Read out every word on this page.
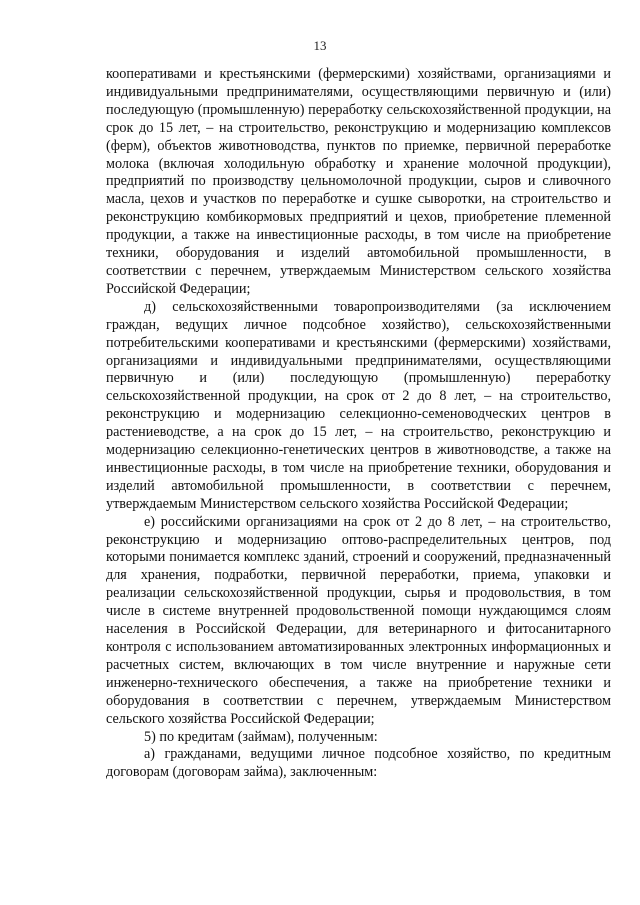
13

кооперативами и крестьянскими (фермерскими) хозяйствами, организациями и индивидуальными предпринимателями, осуществляющими первичную и (или) последующую (промышленную) переработку сельскохозяйственной продукции, на срок до 15 лет, – на строительство, реконструкцию и модернизацию комплексов (ферм), объектов животноводства, пунктов по приемке, первичной переработке молока (включая холодильную обработку и хранение молочной продукции), предприятий по производству цельномолочной продукции, сыров и сливочного масла, цехов и участков по переработке и сушке сыворотки, на строительство и реконструкцию комбикормовых предприятий и цехов, приобретение племенной продукции, а также на инвестиционные расходы, в том числе на приобретение техники, оборудования и изделий автомобильной промышленности, в соответствии с перечнем, утверждаемым Министерством сельского хозяйства Российской Федерации;

д) сельскохозяйственными товаропроизводителями (за исключением граждан, ведущих личное подсобное хозяйство), сельскохозяйственными потребительскими кооперативами и крестьянскими (фермерскими) хозяйствами, организациями и индивидуальными предпринимателями, осуществляющими первичную и (или) последующую (промышленную) переработку сельскохозяйственной продукции, на срок от 2 до 8 лет, – на строительство, реконструкцию и модернизацию селекционно-семеноводческих центров в растениеводстве, а на срок до 15 лет, – на строительство, реконструкцию и модернизацию селекционно-генетических центров в животноводстве, а также на инвестиционные расходы, в том числе на приобретение техники, оборудования и изделий автомобильной промышленности, в соответствии с перечнем, утверждаемым Министерством сельского хозяйства Российской Федерации;

е) российскими организациями на срок от 2 до 8 лет, – на строительство, реконструкцию и модернизацию оптово-распределительных центров, под которыми понимается комплекс зданий, строений и сооружений, предназначенный для хранения, подработки, первичной переработки, приема, упаковки и реализации сельскохозяйственной продукции, сырья и продовольствия, в том числе в системе внутренней продовольственной помощи нуждающимся слоям населения в Российской Федерации, для ветеринарного и фитосанитарного контроля с использованием автоматизированных электронных информационных и расчетных систем, включающих в том числе внутренние и наружные сети инженерно-технического обеспечения, а также на приобретение техники и оборудования в соответствии с перечнем, утверждаемым Министерством сельского хозяйства Российской Федерации;

5) по кредитам (займам), полученным:

а) гражданами, ведущими личное подсобное хозяйство, по кредитным договорам (договорам займа), заключенным:
